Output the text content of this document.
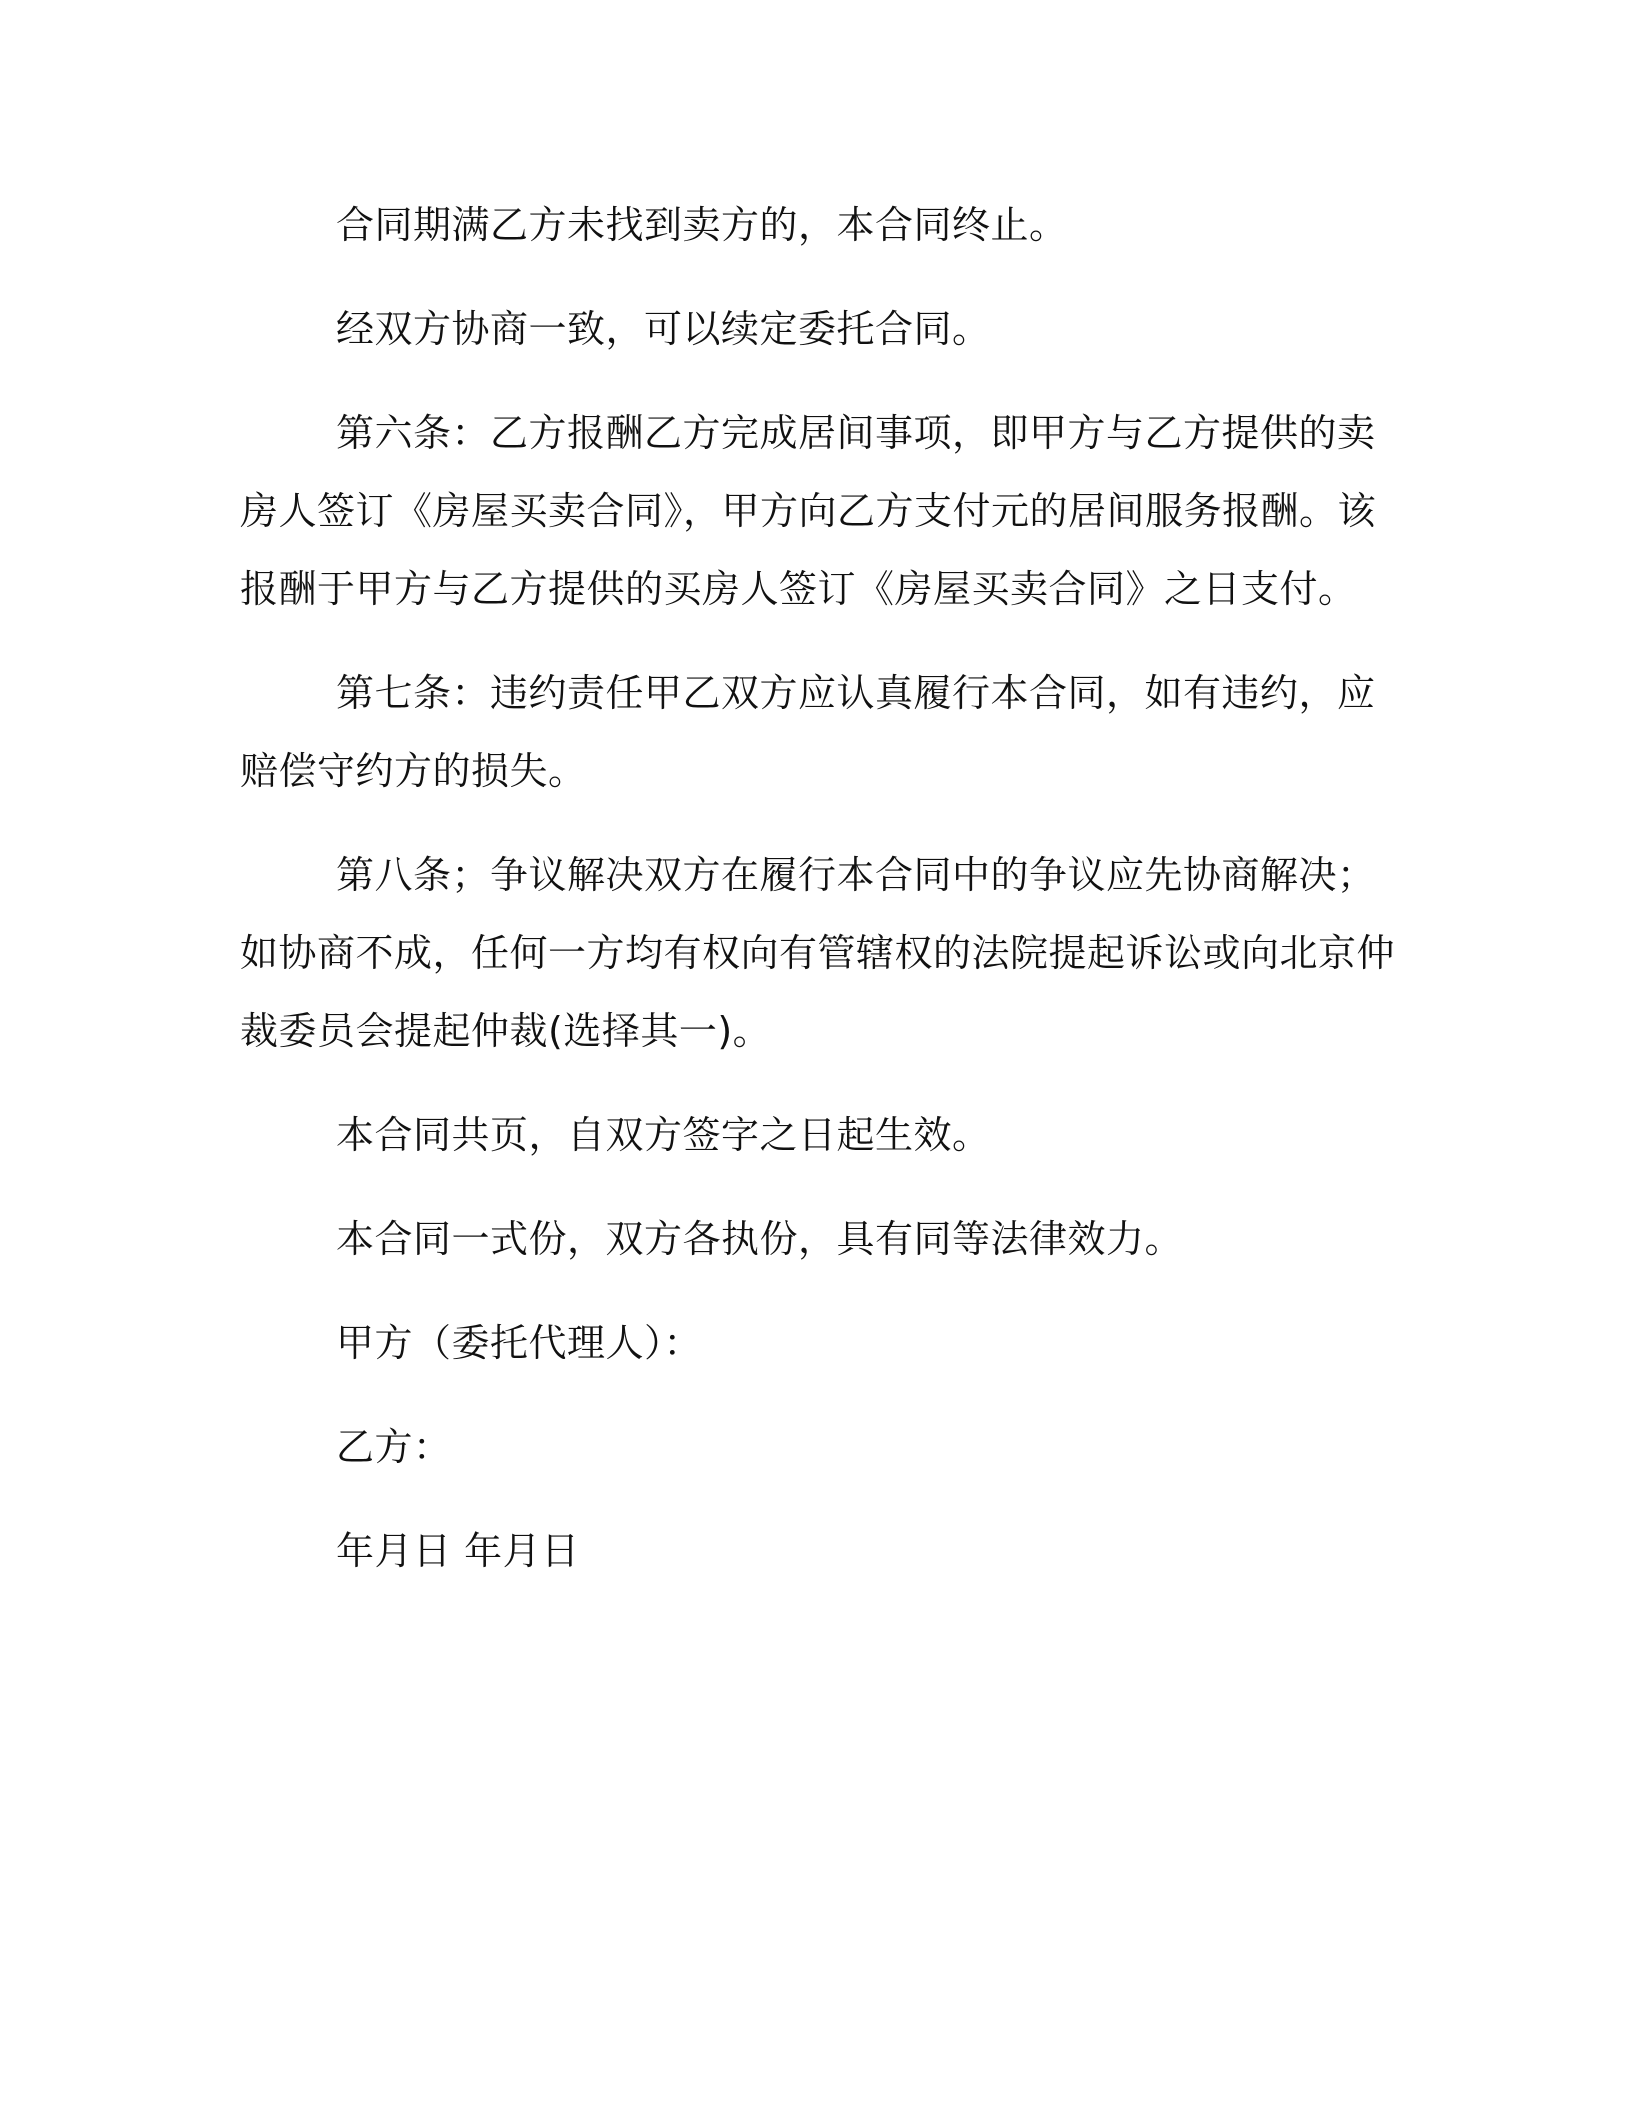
合同期满乙方未找到卖方的，本合同终止。

经双方协商一致，可以续定委托合同。

第六条：乙方报酬乙方完成居间事项，即甲方与乙方提供的卖房人签订《房屋买卖合同》，甲方向乙方支付元的居间服务报酬。该报酬于甲方与乙方提供的买房人签订《房屋买卖合同》之日支付。

第七条：违约责任甲乙双方应认真履行本合同，如有违约，应赔偿守约方的损失。

第八条；争议解决双方在履行本合同中的争议应先协商解决；如协商不成，任何一方均有权向有管辖权的法院提起诉讼或向北京仲裁委员会提起仲裁(选择其一)。

本合同共页，自双方签字之日起生效。

本合同一式份，双方各执份，具有同等法律效力。

甲方（委托代理人）：

乙方：

年月日 年月日
